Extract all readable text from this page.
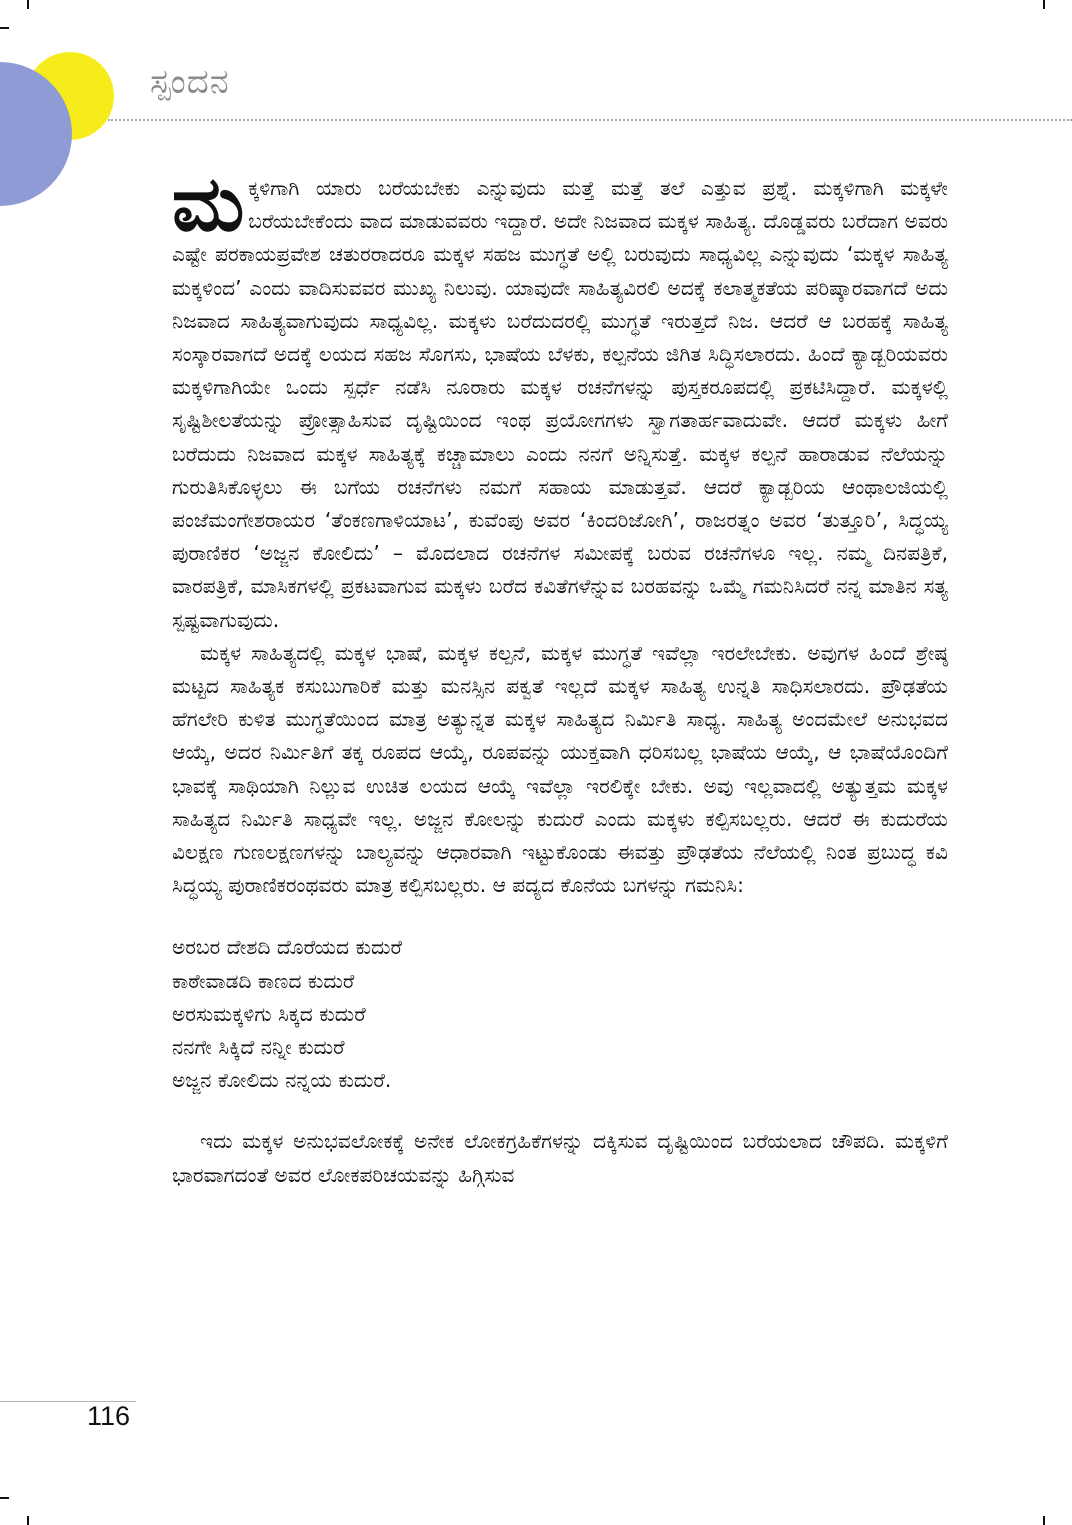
ಸ್ಪಂದನ

ಮಕ್ಕಳಿಗಾಗಿ ಯಾರು ಬರೆಯಬೇಕು ಎನ್ನುವುದು ಮತ್ತೆ ಮತ್ತೆ ತಲೆ ಎತ್ತುವ ಪ್ರಶ್ನೆ. ಮಕ್ಕಳಿಗಾಗಿ ಮಕ್ಕಳೇ ಬರೆಯಬೇಕೆಂದು ವಾದ ಮಾಡುವವರು ಇದ್ದಾರೆ. ಅದೇ ನಿಜವಾದ ಮಕ್ಕಳ ಸಾಹಿತ್ಯ. ದೊಡ್ಡವರು ಬರೆದಾಗ ಅವರು ಎಷ್ಟೇ ಪರಕಾಯಪ್ರವೇಶ ಚತುರರಾದರೂ ಮಕ್ಕಳ ಸಹಜ ಮುಗ್ಧತೆ ಅಲ್ಲಿ ಬರುವುದು ಸಾಧ್ಯವಿಲ್ಲ ಎನ್ನುವುದು ‘ಮಕ್ಕಳ ಸಾಹಿತ್ಯ ಮಕ್ಕಳಿಂದ’ ಎಂದು ವಾದಿಸುವವರ ಮುಖ್ಯ ನಿಲುವು. ಯಾವುದೇ ಸಾಹಿತ್ಯವಿರಲಿ ಅದಕ್ಕೆ ಕಲಾತ್ಮಕತೆಯ ಪರಿಷ್ಕಾರವಾಗದೆ ಅದು ನಿಜವಾದ ಸಾಹಿತ್ಯವಾಗುವುದು ಸಾಧ್ಯವಿಲ್ಲ. ಮಕ್ಕಳು ಬರೆದುದರಲ್ಲಿ ಮುಗ್ಧತೆ ಇರುತ್ತದೆ ನಿಜ. ಆದರೆ ಆ ಬರಹಕ್ಕೆ ಸಾಹಿತ್ಯ ಸಂಸ್ಕಾರವಾಗದೆ ಅದಕ್ಕೆ ಲಯದ ಸಹಜ ಸೊಗಸು, ಭಾಷೆಯ ಬೆಳಕು, ಕಲ್ಪನೆಯ ಜಿಗಿತ ಸಿದ್ಧಿಸಲಾರದು. ಹಿಂದೆ ಕ್ಯಾಡ್ಬರಿಯವರು ಮಕ್ಕಳಿಗಾಗಿಯೇ ಒಂದು ಸ್ಪರ್ಧೆ ನಡೆಸಿ ನೂರಾರು ಮಕ್ಕಳ ರಚನೆಗಳನ್ನು ಪುಸ್ತಕರೂಪದಲ್ಲಿ ಪ್ರಕಟಿಸಿದ್ದಾರೆ. ಮಕ್ಕಳಲ್ಲಿ ಸೃಷ್ಟಿಶೀಲತೆಯನ್ನು ಪ್ರೋತ್ಸಾಹಿಸುವ ದೃಷ್ಟಿಯಿಂದ ಇಂಥ ಪ್ರಯೋಗಗಳು ಸ್ವಾಗತಾರ್ಹವಾದುವೇ. ಆದರೆ ಮಕ್ಕಳು ಹೀಗೆ ಬರೆದುದು ನಿಜವಾದ ಮಕ್ಕಳ ಸಾಹಿತ್ಯಕ್ಕೆ ಕಚ್ಚಾಮಾಲು ಎಂದು ನನಗೆ ಅನ್ನಿಸುತ್ತೆ. ಮಕ್ಕಳ ಕಲ್ಪನೆ ಹಾರಾಡುವ ನೆಲೆಯನ್ನು ಗುರುತಿಸಿಕೊಳ್ಳಲು ಈ ಬಗೆಯ ರಚನೆಗಳು ನಮಗೆ ಸಹಾಯ ಮಾಡುತ್ತವೆ. ಆದರೆ ಕ್ಯಾಡ್ಬರಿಯ ಆಂಥಾಲಜಿಯಲ್ಲಿ ಪಂಜೆಮಂಗೇಶರಾಯರ ‘ತೆಂಕಣಗಾಳಿಯಾಟ’, ಕುವೆಂಪು ಅವರ ‘ಕಿಂದರಿಜೋಗಿ’, ರಾಜರತ್ನಂ ಅವರ ‘ತುತ್ತೂರಿ’, ಸಿದ್ಧಯ್ಯ ಪುರಾಣಿಕರ ‘ಅಜ್ಜನ ಕೋಲಿದು’ – ಮೊದಲಾದ ರಚನೆಗಳ ಸಮೀಪಕ್ಕೆ ಬರುವ ರಚನೆಗಳೂ ಇಲ್ಲ. ನಮ್ಮ ದಿನಪತ್ರಿಕೆ, ವಾರಪತ್ರಿಕೆ, ಮಾಸಿಕಗಳಲ್ಲಿ ಪ್ರಕಟವಾಗುವ ಮಕ್ಕಳು ಬರೆದ ಕವಿತೆಗಳೆನ್ನುವ ಬರಹವನ್ನು ಒಮ್ಮೆ ಗಮನಿಸಿದರೆ ನನ್ನ ಮಾತಿನ ಸತ್ಯ ಸ್ಪಷ್ಟವಾಗುವುದು.

ಮಕ್ಕಳ ಸಾಹಿತ್ಯದಲ್ಲಿ ಮಕ್ಕಳ ಭಾಷೆ, ಮಕ್ಕಳ ಕಲ್ಪನೆ, ಮಕ್ಕಳ ಮುಗ್ಧತೆ ಇವೆಲ್ಲಾ ಇರಲೇಬೇಕು. ಅವುಗಳ ಹಿಂದೆ ಶ್ರೇಷ್ಠ ಮಟ್ಟದ ಸಾಹಿತ್ಯಕ ಕಸುಬುಗಾರಿಕೆ ಮತ್ತು ಮನಸ್ಸಿನ ಪಕ್ವತೆ ಇಲ್ಲದೆ ಮಕ್ಕಳ ಸಾಹಿತ್ಯ ಉನ್ನತಿ ಸಾಧಿಸಲಾರದು. ಪ್ರೌಢತೆಯ ಹೆಗಲೇರಿ ಕುಳಿತ ಮುಗ್ಧತೆಯಿಂದ ಮಾತ್ರ ಅತ್ಯುನ್ನತ ಮಕ್ಕಳ ಸಾಹಿತ್ಯದ ನಿರ್ಮಿತಿ ಸಾಧ್ಯ. ಸಾಹಿತ್ಯ ಅಂದಮೇಲೆ ಅನುಭವದ ಆಯ್ಕೆ, ಅದರ ನಿರ್ಮಿತಿಗೆ ತಕ್ಕ ರೂಪದ ಆಯ್ಕೆ, ರೂಪವನ್ನು ಯುಕ್ತವಾಗಿ ಧರಿಸಬಲ್ಲ ಭಾಷೆಯ ಆಯ್ಕೆ, ಆ ಭಾಷೆಯೊಂದಿಗೆ ಭಾವಕ್ಕೆ ಸಾಥಿಯಾಗಿ ನಿಲ್ಲುವ ಉಚಿತ ಲಯದ ಆಯ್ಕೆ ಇವೆಲ್ಲಾ ಇರಲಿಕ್ಕೇ ಬೇಕು. ಅವು ಇಲ್ಲವಾದಲ್ಲಿ ಅತ್ಯುತ್ತಮ ಮಕ್ಕಳ ಸಾಹಿತ್ಯದ ನಿರ್ಮಿತಿ ಸಾಧ್ಯವೇ ಇಲ್ಲ. ಅಜ್ಜನ ಕೋಲನ್ನು ಕುದುರೆ ಎಂದು ಮಕ್ಕಳು ಕಲ್ಪಿಸಬಲ್ಲರು. ಆದರೆ ಈ ಕುದುರೆಯ ವಿಲಕ್ಷಣ ಗುಣಲಕ್ಷಣಗಳನ್ನು ಬಾಲ್ಯವನ್ನು ಆಧಾರವಾಗಿ ಇಟ್ಟುಕೊಂಡು ಈವತ್ತು ಪ್ರೌಢತೆಯ ನೆಲೆಯಲ್ಲಿ ನಿಂತ ಪ್ರಬುದ್ಧ ಕವಿ ಸಿದ್ಧಯ್ಯ ಪುರಾಣಿಕರಂಥವರು ಮಾತ್ರ ಕಲ್ಪಿಸಬಲ್ಲರು. ಆ ಪದ್ಯದ ಕೊನೆಯ ಬಗಳನ್ನು ಗಮನಿಸಿ:

ಅರಬರ ದೇಶದಿ ದೊರೆಯದ ಕುದುರೆ
ಕಾಠೇವಾಡದಿ ಕಾಣದ ಕುದುರೆ
ಅರಸುಮಕ್ಕಳಿಗು ಸಿಕ್ಕದ ಕುದುರೆ
ನನಗೇ ಸಿಕ್ಕಿದೆ ನನ್ನೀ ಕುದುರೆ
ಅಜ್ಜನ ಕೋಲಿದು ನನ್ನಯ ಕುದುರೆ.

ಇದು ಮಕ್ಕಳ ಅನುಭವಲೋಕಕ್ಕೆ ಅನೇಕ ಲೋಕಗ್ರಹಿಕೆಗಳನ್ನು ದಕ್ಕಿಸುವ ದೃಷ್ಟಿಯಿಂದ ಬರೆಯಲಾದ ಚೌಪದಿ. ಮಕ್ಕಳಿಗೆ ಭಾರವಾಗದಂತೆ ಅವರ ಲೋಕಪರಿಚಯವನ್ನು ಹಿಗ್ಗಿಸುವ

116
